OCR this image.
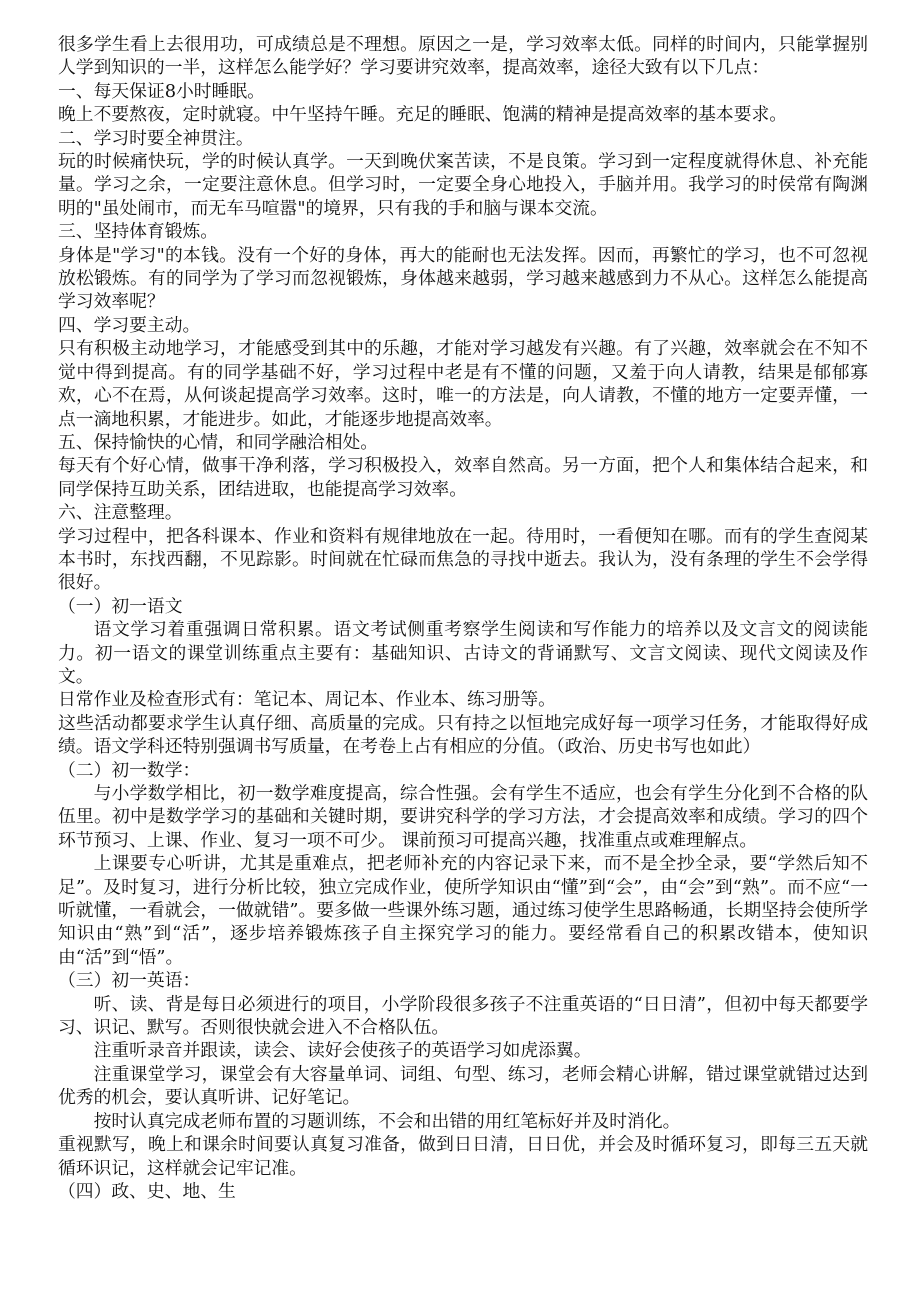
很多学生看上去很用功，可成绩总是不理想。原因之一是，学习效率太低。同样的时间内，只能掌握别人学到知识的一半，这样怎么能学好？学习要讲究效率，提高效率，途径大致有以下几点：

一、每天保证8小时睡眠。

晚上不要熬夜，定时就寝。中午坚持午睡。充足的睡眠、饱满的精神是提高效率的基本要求。

二、学习时要全神贯注。

玩的时候痛快玩，学的时候认真学。一天到晚伏案苦读，不是良策。学习到一定程度就得休息、补充能量。学习之余，一定要注意休息。但学习时，一定要全身心地投入，手脑并用。我学习的时侯常有陶渊明的"虽处闹市，而无车马喧嚣"的境界，只有我的手和脑与课本交流。

三、坚持体育锻炼。

身体是"学习"的本钱。没有一个好的身体，再大的能耐也无法发挥。因而，再繁忙的学习，也不可忽视放松锻炼。有的同学为了学习而忽视锻炼，身体越来越弱，学习越来越感到力不从心。这样怎么能提高学习效率呢？

四、学习要主动。

只有积极主动地学习，才能感受到其中的乐趣，才能对学习越发有兴趣。有了兴趣，效率就会在不知不觉中得到提高。有的同学基础不好，学习过程中老是有不懂的问题，又羞于向人请教，结果是郁郁寡欢，心不在焉，从何谈起提高学习效率。这时，唯一的方法是，向人请教，不懂的地方一定要弄懂，一点一滴地积累，才能进步。如此，才能逐步地提高效率。

五、保持愉快的心情，和同学融洽相处。

每天有个好心情，做事干净利落，学习积极投入，效率自然高。另一方面，把个人和集体结合起来，和同学保持互助关系，团结进取，也能提高学习效率。

六、注意整理。

学习过程中，把各科课本、作业和资料有规律地放在一起。待用时，一看便知在哪。而有的学生查阅某本书时，东找西翻，不见踪影。时间就在忙碌而焦急的寻找中逝去。我认为，没有条理的学生不会学得很好。

（一）初一语文

语文学习着重强调日常积累。语文考试侧重考察学生阅读和写作能力的培养以及文言文的阅读能力。初一语文的课堂训练重点主要有：基础知识、古诗文的背诵默写、文言文阅读、现代文阅读及作文。

日常作业及检查形式有：笔记本、周记本、作业本、练习册等。

这些活动都要求学生认真仔细、高质量的完成。只有持之以恒地完成好每一项学习任务，才能取得好成绩。语文学科还特别强调书写质量，在考卷上占有相应的分值。（政治、历史书写也如此）

（二）初一数学：

与小学数学相比，初一数学难度提高，综合性强。会有学生不适应，也会有学生分化到不合格的队伍里。初中是数学学习的基础和关键时期，要讲究科学的学习方法，才会提高效率和成绩。学习的四个环节预习、上课、作业、复习一项不可少。 课前预习可提高兴趣，找准重点或难理解点。

上课要专心听讲，尤其是重难点，把老师补充的内容记录下来，而不是全抄全录，要“学然后知不足”。及时复习，进行分析比较，独立完成作业，使所学知识由“懂”到“会”，由“会”到“熟”。而不应“一听就懂，一看就会，一做就错”。要多做一些课外练习题，通过练习使学生思路畅通，长期坚持会使所学知识由“熟”到“活”，逐步培养锻炼孩子自主探究学习的能力。要经常看自己的积累改错本，使知识由“活”到“悟”。

（三）初一英语：

听、读、背是每日必须进行的项目，小学阶段很多孩子不注重英语的“日日清”，但初中每天都要学习、识记、默写。否则很快就会进入不合格队伍。

注重听录音并跟读，读会、读好会使孩子的英语学习如虎添翼。

注重课堂学习，课堂会有大容量单词、词组、句型、练习，老师会精心讲解，错过课堂就错过达到优秀的机会，要认真听讲、记好笔记。

按时认真完成老师布置的习题训练，不会和出错的用红笔标好并及时消化。

重视默写，晚上和课余时间要认真复习准备，做到日日清，日日优，并会及时循环复习，即每三五天就循环识记，这样就会记牢记准。

（四）政、史、地、生
